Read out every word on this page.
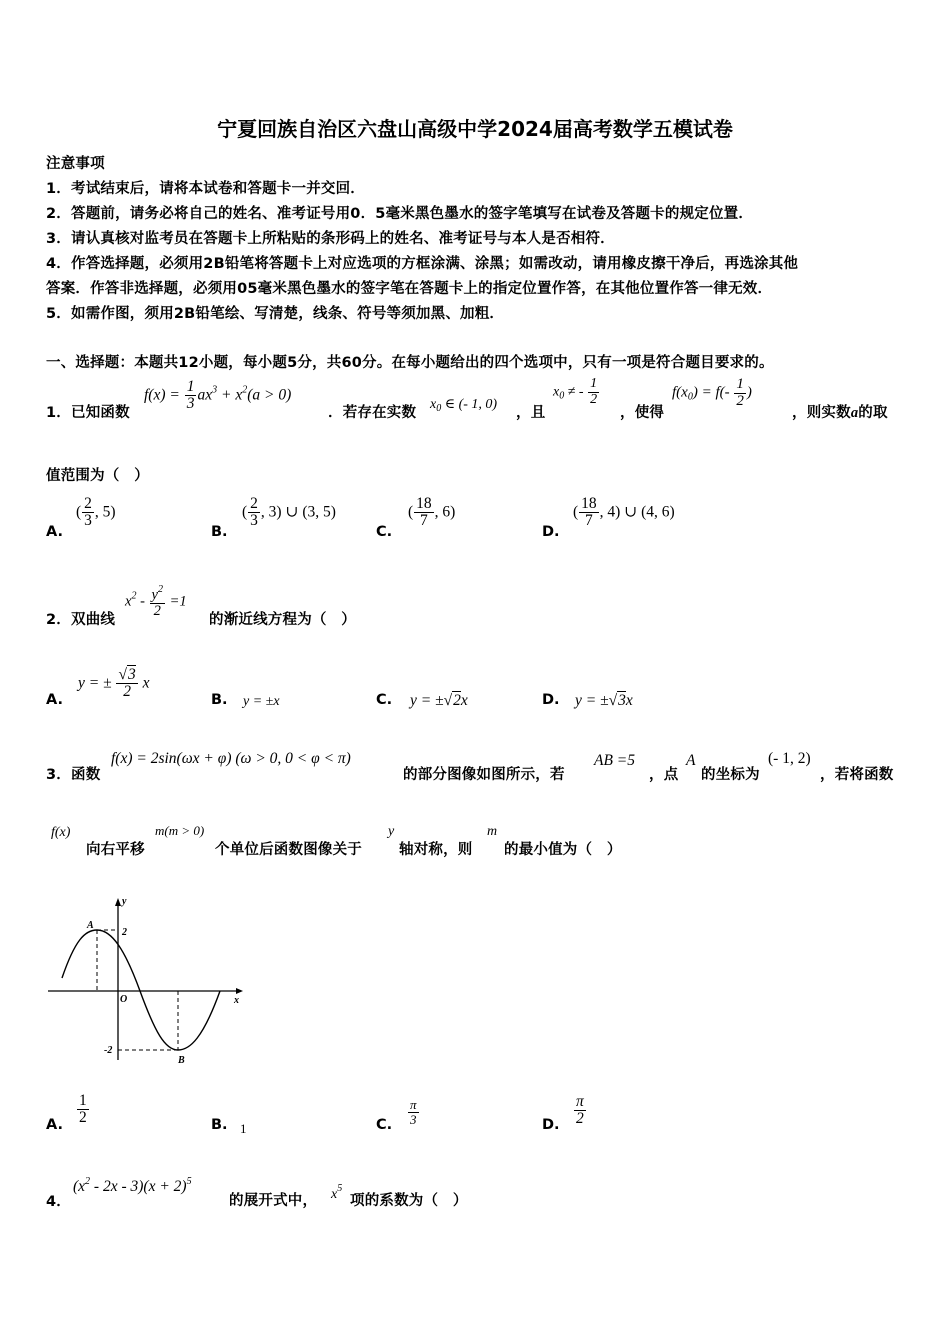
宁夏回族自治区六盘山高级中学2024届高考数学五模试卷
注意事项
1．考试结束后，请将本试卷和答题卡一并交回．
2．答题前，请务必将自己的姓名、准考证号用0．5毫米黑色墨水的签字笔填写在试卷及答题卡的规定位置．
3．请认真核对监考员在答题卡上所粘贴的条形码上的姓名、准考证号与本人是否相符．
4．作答选择题，必须用2B铅笔将答题卡上对应选项的方框涂满、涂黑；如需改动，请用橡皮擦干净后，再选涂其他
答案．作答非选择题，必须用05毫米黑色墨水的签字笔在答题卡上的指定位置作答，在其他位置作答一律无效．
5．如需作图，须用2B铅笔绘、写清楚，线条、符号等须加黑、加粗．
一、选择题：本题共12小题，每小题5分，共60分。在每小题给出的四个选项中，只有一项是符合题目要求的。
1．已知函数
$f(x) = \frac{1}{3} ax^3 + x^2(a > 0)$
．若存在实数
$x_0$ ∈ (- 1, 0)
，且
$x_0$ ≠ - $\frac{1}{2}$
，使得
$f(x_0) = f(- \frac{1}{2}$ )
，则实数a的取
值范围为（　）
A.
( $\frac{2}{3}$ , 5)
B.
( $\frac{2}{3}$ , 3) ∪ (3, 5)
C.
( $\frac{18}{7}$ , 6)
D.
( $\frac{18}{7}$ , 4) ∪ (4, 6)
2．双曲线
$x^2 - \frac{y^2}{2} =1$
的渐近线方程为（　）
A.
y = ± $\frac{√3}{2}$ x
B. y = ±x	C. y = ±√2x	D. y = ±√3x
3．函数
f(x) = 2sin(ωx + φ) (ω > 0, 0 < φ < π)
的部分图像如图所示，若
AB =5
，点
A
的坐标为
(- 1, 2)
，若将函数
f(x)
向右平移
m(m > 0)
个单位后函数图像关于
y
轴对称，则
m
的最小值为（　）
A
2
O	x
y
-2
B
A. $\frac{1}{2}$	B. 1	C. $\frac{\pi}{3}$	D. $\frac{\pi}{2}$
4．
$(x^2 - 2x - 3)(x + 2)^5$
的展开式中， $x^5$
项的系数为（　）
